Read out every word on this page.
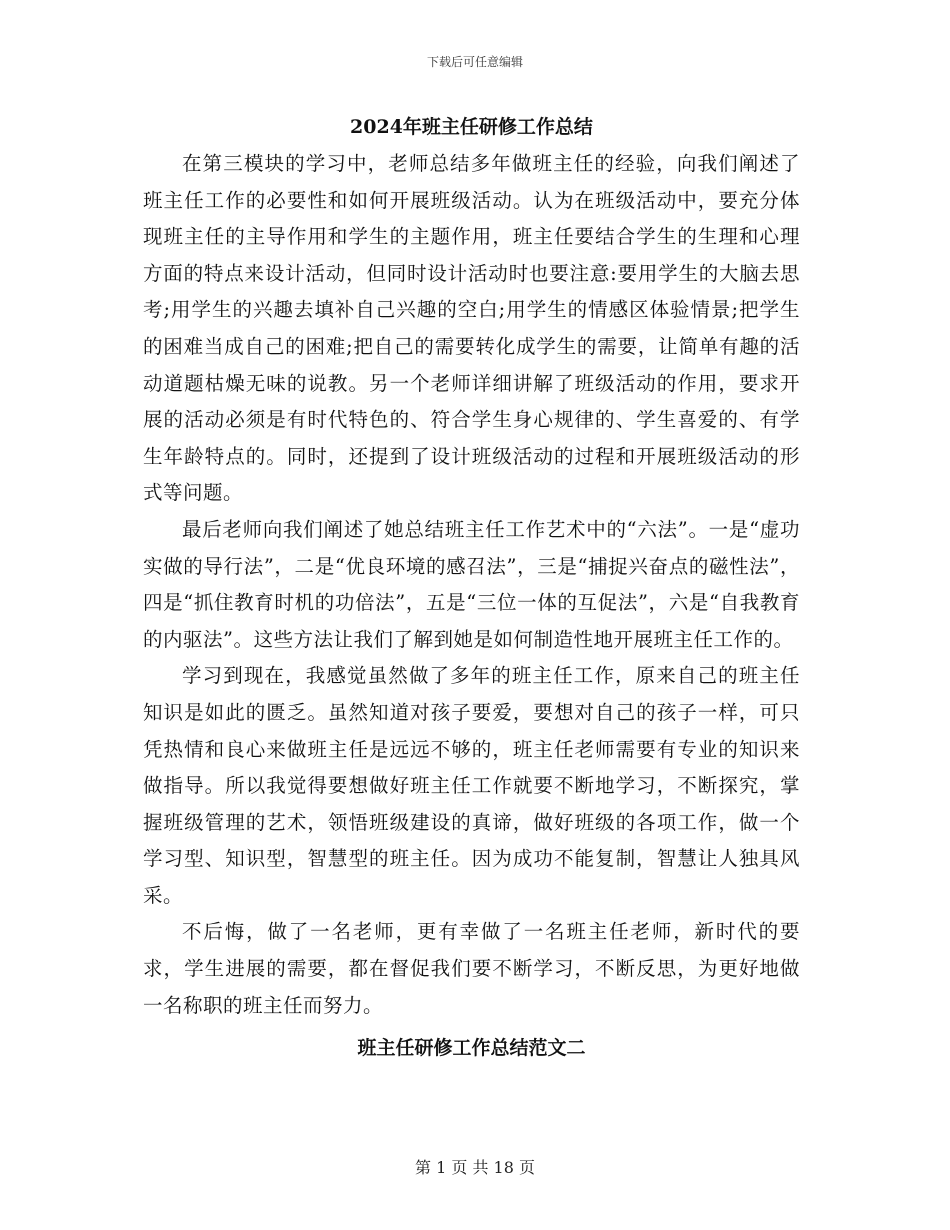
下载后可任意编辑
2024年班主任研修工作总结

在第三模块的学习中，老师总结多年做班主任的经验，向我们阐述了班主任工作的必要性和如何开展班级活动。认为在班级活动中，要充分体现班主任的主导作用和学生的主题作用，班主任要结合学生的生理和心理方面的特点来设计活动，但同时设计活动时也要注意:要用学生的大脑去思考;用学生的兴趣去填补自己兴趣的空白;用学生的情感区体验情景;把学生的困难当成自己的困难;把自己的需要转化成学生的需要，让简单有趣的活动道题枯燥无味的说教。另一个老师详细讲解了班级活动的作用，要求开展的活动必须是有时代特色的、符合学生身心规律的、学生喜爱的、有学生年龄特点的。同时，还提到了设计班级活动的过程和开展班级活动的形式等问题。

最后老师向我们阐述了她总结班主任工作艺术中的“六法”。一是“虚功实做的导行法”，二是“优良环境的感召法”，三是“捕捉兴奋点的磁性法”，四是“抓住教育时机的功倍法”，五是“三位一体的互促法”，六是“自我教育的内驱法”。这些方法让我们了解到她是如何制造性地开展班主任工作的。

学习到现在，我感觉虽然做了多年的班主任工作，原来自己的班主任知识是如此的匮乏。虽然知道对孩子要爱，要想对自己的孩子一样，可只凭热情和良心来做班主任是远远不够的，班主任老师需要有专业的知识来做指导。所以我觉得要想做好班主任工作就要不断地学习，不断探究，掌握班级管理的艺术，领悟班级建设的真谛，做好班级的各项工作，做一个学习型、知识型，智慧型的班主任。因为成功不能复制，智慧让人独具风采。

不后悔，做了一名老师，更有幸做了一名班主任老师，新时代的要求，学生进展的需要，都在督促我们要不断学习，不断反思，为更好地做一名称职的班主任而努力。

班主任研修工作总结范文二
第 1 页 共 18 页
